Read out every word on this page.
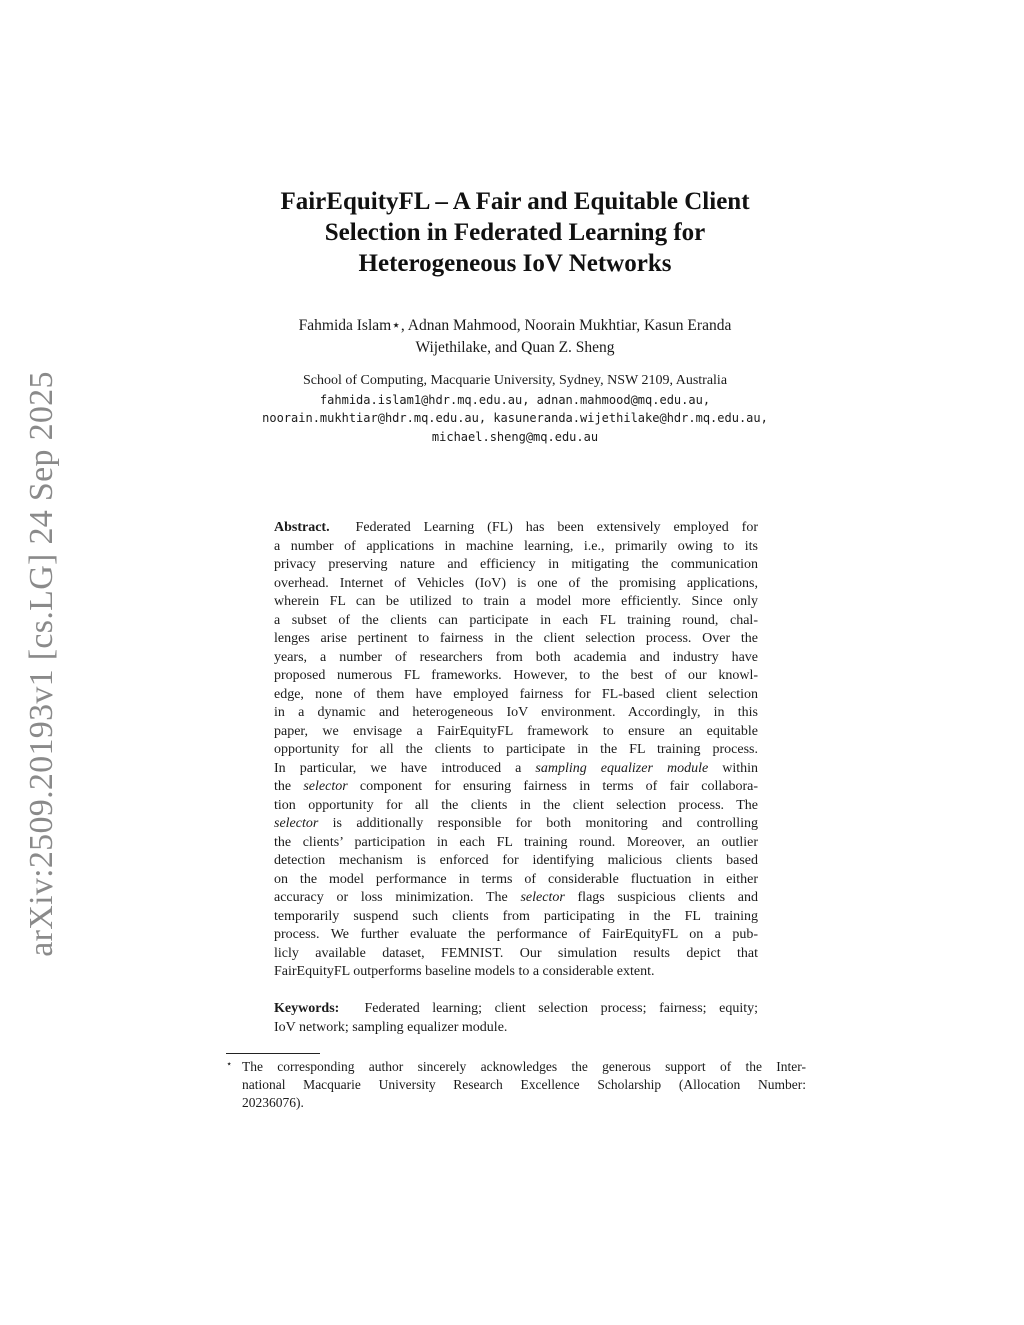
arXiv:2509.20193v1 [cs.LG] 24 Sep 2025
FairEquityFL – A Fair and Equitable Client
Selection in Federated Learning for
Heterogeneous IoV Networks
Fahmida Islam⋆, Adnan Mahmood, Noorain Mukhtiar, Kasun Eranda
Wijethilake, and Quan Z. Sheng
School of Computing, Macquarie University, Sydney, NSW 2109, Australia
fahmida.islam1@hdr.mq.edu.au, adnan.mahmood@mq.edu.au,
noorain.mukhtiar@hdr.mq.edu.au, kasuneranda.wijethilake@hdr.mq.edu.au,
michael.sheng@mq.edu.au
Abstract. Federated Learning (FL) has been extensively employed for
a number of applications in machine learning, i.e., primarily owing to its
privacy preserving nature and efficiency in mitigating the communication
overhead. Internet of Vehicles (IoV) is one of the promising applications,
wherein FL can be utilized to train a model more efficiently. Since only
a subset of the clients can participate in each FL training round, chal-
lenges arise pertinent to fairness in the client selection process. Over the
years, a number of researchers from both academia and industry have
proposed numerous FL frameworks. However, to the best of our knowl-
edge, none of them have employed fairness for FL-based client selection
in a dynamic and heterogeneous IoV environment. Accordingly, in this
paper, we envisage a FairEquityFL framework to ensure an equitable
opportunity for all the clients to participate in the FL training process.
In particular, we have introduced a sampling equalizer module within
the selector component for ensuring fairness in terms of fair collabora-
tion opportunity for all the clients in the client selection process. The
selector is additionally responsible for both monitoring and controlling
the clients’ participation in each FL training round. Moreover, an outlier
detection mechanism is enforced for identifying malicious clients based
on the model performance in terms of considerable fluctuation in either
accuracy or loss minimization. The selector flags suspicious clients and
temporarily suspend such clients from participating in the FL training
process. We further evaluate the performance of FairEquityFL on a pub-
licly available dataset, FEMNIST. Our simulation results depict that
FairEquityFL outperforms baseline models to a considerable extent.
Keywords: Federated learning; client selection process; fairness; equity;
IoV network; sampling equalizer module.
⋆ The corresponding author sincerely acknowledges the generous support of the Inter-
national Macquarie University Research Excellence Scholarship (Allocation Number:
20236076).
